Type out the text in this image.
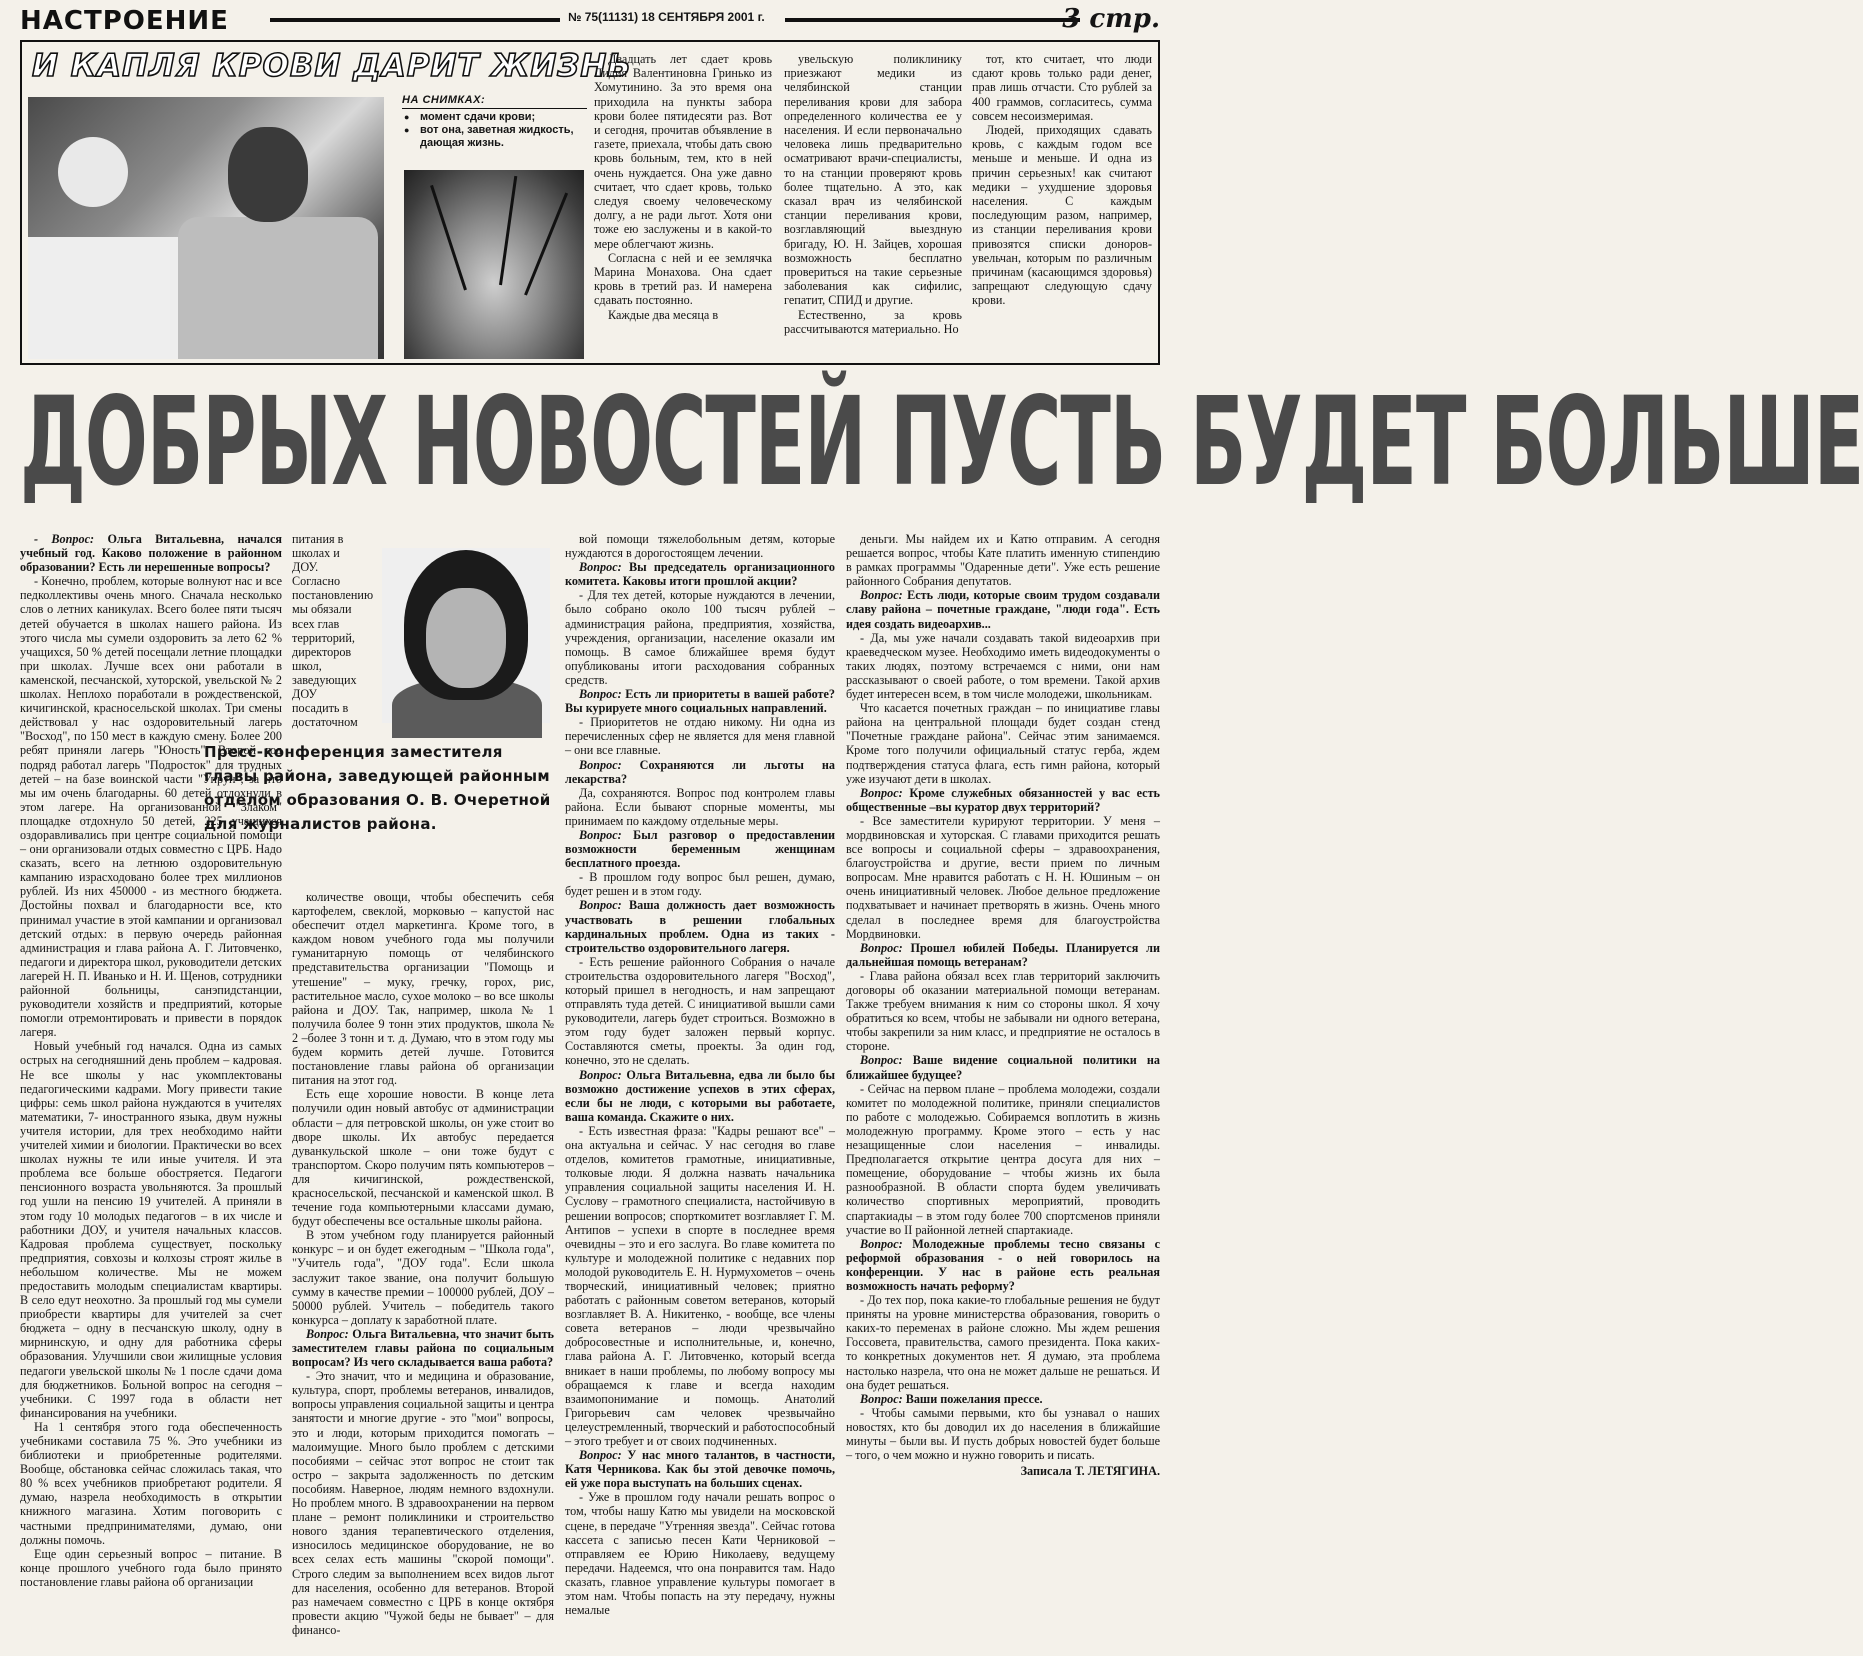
НАСТРОЕНИЕ	№ 75(11131) 18 СЕНТЯБРЯ 2001 г.	3 стр.
И КАПЛЯ КРОВИ ДАРИТ ЖИЗНЬ
НА СНИМКАХ:
● момент сдачи крови;
● вот она, заветная жидкость, дающая жизнь.

Двадцать лет сдает кровь Лидия Валентиновна Гринько из Хомутинино. За это время она приходила на пункты забора крови более пятидесяти раз. Вот и сегодня, прочитав объявление в газете, приехала, чтобы дать свою кровь больным, тем, кто в ней очень нуждается. Она уже давно считает, что сдает кровь, только следуя своему человеческому долгу, а не ради льгот. Хотя они тоже ею заслужены и в какой-то мере облегчают жизнь.

Согласна с ней и ее землячка Марина Монахова. Она сдает кровь в третий раз. И намерена сдавать постоянно.

Каждые два месяца в

увельскую поликлинику приезжают медики из челябинской станции переливания крови для забора определенного количества ее у населения. И если первоначально человека лишь предварительно осматривают врачи-специалисты, то на станции проверяют кровь более тщательно. А это, как сказал врач из челябинской станции переливания крови, возглавляющий выездную бригаду, Ю. Н. Зайцев, хорошая возможность бесплатно провериться на такие серьезные заболевания как сифилис, гепатит, СПИД и другие.

Естественно, за кровь рассчитываются материально. Но

тот, кто считает, что люди сдают кровь только ради денег, прав лишь отчасти. Сто рублей за 400 граммов, согласитесь, сумма совсем несоизмеримая.

Людей, приходящих сдавать кровь, с каждым годом все меньше и меньше. И одна из причин серьезных! как считают медики – ухудшение здоровья населения. С каждым последующим разом, например, из станции переливания крови привозятся списки доноров-увельчан, которым по различным причинам (касающимся здоровья) запрещают следующую сдачу крови.

ДОБРЫХ НОВОСТЕЙ ПУСТЬ БУДЕТ БОЛЬШЕ

- Вопрос: Ольга Витальевна, начался учебный год. Каково положение в районном образовании? Есть ли нерешенные вопросы?

- Конечно, проблем, которые волнуют нас и все педколлективы очень много. Сначала несколько слов о летних каникулах. Всего более пяти тысяч детей обучается в школах нашего района. Из этого числа мы сумели оздоровить за лето 62 % учащихся, 50 % детей посещали летние площадки при школах. Лучше всех они работали в каменской, песчанской, хуторской, увельской № 2 школах. Неплохо поработали в рождественской, кичигинской, красносельской школах. Три смены действовал у нас оздоровительный лагерь "Восход", по 150 мест в каждую смену. Более 200 ребят приняли лагерь "Юность". Второй год подряд работал лагерь "Подросток" для трудных детей – на базе воинской части "Упрун", за что мы им очень благодарны. 60 детей отдохнули в этом лагере. На организованной "Злаком" площадке отдохнуло 50 детей, 225 учащихся оздоравливались при центре социальной помощи – они организовали отдых совместно с ЦРБ. Надо сказать, всего на летнюю оздоровительную кампанию израсходовано более трех миллионов рублей. Из них 450000 - из местного бюджета. Достойны похвал и благодарности все, кто принимал участие в этой кампании и организовал детский отдых: в первую очередь районная администрация и глава района А. Г. Литовченко, педагоги и директора школ, руководители детских лагерей Н. П. Иванько и Н. И. Щенов, сотрудники районной больницы, санэпидстанции, руководители хозяйств и предприятий, которые помогли отремонтировать и привести в порядок лагеря.

Новый учебный год начался. Одна из самых острых на сегодняшний день проблем – кадровая. Не все школы у нас укомплектованы педагогическими кадрами. Могу привести такие цифры: семь школ района нуждаются в учителях математики, 7- иностранного языка, двум нужны учителя истории, для трех необходимо найти учителей химии и биологии. Практически во всех школах нужны те или иные учителя. И эта проблема все больше обостряется. Педагоги пенсионного возраста увольняются. За прошлый год ушли на пенсию 19 учителей. А приняли в этом году 10 молодых педагогов – в их числе и работники ДОУ, и учителя начальных классов. Кадровая проблема существует, поскольку предприятия, совхозы и колхозы строят жилье в небольшом количестве. Мы не можем предоставить молодым специалистам квартиры. В село едут неохотно. За прошлый год мы сумели приобрести квартиры для учителей за счет бюджета – одну в песчанскую школу, одну в мирнинскую, и одну для работника сферы образования. Улучшили свои жилищные условия педагоги увельской школы № 1 после сдачи дома для бюджетников. Больной вопрос на сегодня – учебники. С 1997 года в области нет финансирования на учебники.

На 1 сентября этого года обеспеченность учебниками составила 75 %. Это учебники из библиотеки и приобретенные родителями. Вообще, обстановка сейчас сложилась такая, что 80 % всех учебников приобретают родители. Я думаю, назрела необходимость в открытии книжного магазина. Хотим поговорить с частными предпринимателями, думаю, они должны помочь.

Еще один серьезный вопрос – питание. В конце прошлого учебного года было принято постановление главы района об организации

питания в школах и ДОУ. Согласно постановлению мы обязали всех глав территорий, директоров школ, заведующих ДОУ посадить в достаточном

Пресс-конференция заместителя главы района, заведующей районным отделом образования О. В. Очеретной для журналистов района.

количестве овощи, чтобы обеспечить себя картофелем, свеклой, морковью – капустой нас обеспечит отдел маркетинга. Кроме того, в каждом новом учебного года мы получили гуманитарную помощь от челябинского представительства организации "Помощь и утешение" – муку, гречку, горох, рис, растительное масло, сухое молоко – во все школы района и ДОУ. Так, например, школа № 1 получила более 9 тонн этих продуктов, школа № 2 –более 3 тонн и т. д. Думаю, что в этом году мы будем кормить детей лучше. Готовится постановление главы района об организации питания на этот год.

Есть еще хорошие новости. В конце лета получили один новый автобус от администрации области – для петровской школы, он уже стоит во дворе школы. Их автобус передается дуванкульской школе – они тоже будут с транспортом. Скоро получим пять компьютеров – для кичигинской, рождественской, красносельской, песчанской и каменской школ. В течение года компьютерными классами думаю, будут обеспечены все остальные школы района.

В этом учебном году планируется районный конкурс – и он будет ежегодным – "Школа года", "Учитель года", "ДОУ года". Если школа заслужит такое звание, она получит большую сумму в качестве премии – 100000 рублей, ДОУ – 50000 рублей. Учитель – победитель такого конкурса – доплату к заработной плате.

Вопрос: Ольга Витальевна, что значит быть заместителем главы района по социальным вопросам? Из чего складывается ваша работа?

- Это значит, что и медицина и образование, культура, спорт, проблемы ветеранов, инвалидов, вопросы управления социальной защиты и центра занятости и многие другие - это "мои" вопросы, это и люди, которым приходится помогать – малоимущие. Много было проблем с детскими пособиями – сейчас этот вопрос не стоит так остро – закрыта задолженность по детским пособиям. Наверное, людям немного вздохнули. Но проблем много. В здравоохранении на первом плане – ремонт поликлиники и строительство нового здания терапевтического отделения, износилось медицинское оборудование, не во всех селах есть машины "скорой помощи". Строго следим за выполнением всех видов льгот для населения, особенно для ветеранов. Второй раз намечаем совместно с ЦРБ в конце октября провести акцию "Чужой беды не бывает" – для финансо-

вой помощи тяжелобольным детям, которые нуждаются в дорогостоящем лечении.

Вопрос: Вы председатель организационного комитета. Каковы итоги прошлой акции?

- Для тех детей, которые нуждаются в лечении, было собрано около 100 тысяч рублей – администрация района, предприятия, хозяйства, учреждения, организации, население оказали им помощь. В самое ближайшее время будут опубликованы итоги расходования собранных средств.

Вопрос: Есть ли приоритеты в вашей работе? Вы курируете много социальных направлений.

- Приоритетов не отдаю никому. Ни одна из перечисленных сфер не является для меня главной – они все главные.

Вопрос: Сохраняются ли льготы на лекарства?

Да, сохраняются. Вопрос под контролем главы района. Если бывают спорные моменты, мы принимаем по каждому отдельные меры.

Вопрос: Был разговор о предоставлении возможности беременным женщинам бесплатного проезда.

- В прошлом году вопрос был решен, думаю, будет решен и в этом году.

Вопрос: Ваша должность дает возможность участвовать в решении глобальных кардинальных проблем. Одна из таких - строительство оздоровительного лагеря.

- Есть решение районного Собрания о начале строительства оздоровительного лагеря "Восход", который пришел в негодность, и нам запрещают отправлять туда детей. С инициативой вышли сами руководители, лагерь будет строиться. Возможно в этом году будет заложен первый корпус. Составляются сметы, проекты. За один год, конечно, это не сделать.

Вопрос: Ольга Витальевна, едва ли было бы возможно достижение успехов в этих сферах, если бы не люди, с которыми вы работаете, ваша команда. Скажите о них.

- Есть известная фраза: "Кадры решают все" – она актуальна и сейчас. У нас сегодня во главе отделов, комитетов грамотные, инициативные, толковые люди. Я должна назвать начальника управления социальной защиты населения И. Н. Суслову – грамотного специалиста, настойчивую в решении вопросов; спорткомитет возглавляет Г. М. Антипов – успехи в спорте в последнее время очевидны – это и его заслуга. Во главе комитета по культуре и молодежной политике с недавних пор молодой руководитель Е. Н. Нурмухометов – очень творческий, инициативный человек; приятно работать с районным советом ветеранов, который возглавляет В. А. Никитенко, - вообще, все члены совета ветеранов – люди чрезвычайно добросовестные и исполнительные, и, конечно, глава района А. Г. Литовченко, который всегда вникает в наши проблемы, по любому вопросу мы обращаемся к главе и всегда находим взаимопонимание и помощь. Анатолий Григорьевич сам человек чрезвычайно целеустремленный, творческий и работоспособный – этого требует и от своих подчиненных.

Вопрос: У нас много талантов, в частности, Катя Черникова. Как бы этой девочке помочь, ей уже пора выступать на больших сценах.

- Уже в прошлом году начали решать вопрос о том, чтобы нашу Катю мы увидели на московской сцене, в передаче "Утренняя звезда". Сейчас готова кассета с записью песен Кати Черниковой – отправляем ее Юрию Николаеву, ведущему передачи. Надеемся, что она понравится там. Надо сказать, главное управление культуры помогает в этом нам. Чтобы попасть на эту передачу, нужны немалые

деньги. Мы найдем их и Катю отправим. А сегодня решается вопрос, чтобы Кате платить именную стипендию в рамках программы "Одаренные дети". Уже есть решение районного Собрания депутатов.

Вопрос: Есть люди, которые своим трудом создавали славу района – почетные граждане, "люди года". Есть идея создать видеоархив...

- Да, мы уже начали создавать такой видеоархив при краеведческом музее. Необходимо иметь видеодокументы о таких людях, поэтому встречаемся с ними, они нам рассказывают о своей работе, о том времени. Такой архив будет интересен всем, в том числе молодежи, школьникам.

Что касается почетных граждан – по инициативе главы района на центральной площади будет создан стенд "Почетные граждане района". Сейчас этим занимаемся. Кроме того получили официальный статус герба, ждем подтверждения статуса флага, есть гимн района, который уже изучают дети в школах.

Вопрос: Кроме служебных обязанностей у вас есть общественные –вы куратор двух территорий?

- Все заместители курируют территории. У меня – мордвиновская и хуторская. С главами приходится решать все вопросы и социальной сферы – здравоохранения, благоустройства и другие, вести прием по личным вопросам. Мне нравится работать с Н. Н. Юшиным – он очень инициативный человек. Любое дельное предложение подхватывает и начинает претворять в жизнь. Очень много сделал в последнее время для благоустройства Мордвиновки.

Вопрос: Прошел юбилей Победы. Планируется ли дальнейшая помощь ветеранам?

- Глава района обязал всех глав территорий заключить договоры об оказании материальной помощи ветеранам. Также требуем внимания к ним со стороны школ. Я хочу обратиться ко всем, чтобы не забывали ни одного ветерана, чтобы закрепили за ним класс, и предприятие не осталось в стороне.

Вопрос: Ваше видение социальной политики на ближайшее будущее?

- Сейчас на первом плане – проблема молодежи, создали комитет по молодежной политике, приняли специалистов по работе с молодежью. Собираемся воплотить в жизнь молодежную программу. Кроме этого – есть у нас незащищенные слои населения – инвалиды. Предполагается открытие центра досуга для них – помещение, оборудование – чтобы жизнь их была разнообразной. В области спорта будем увеличивать количество спортивных мероприятий, проводить спартакиады – в этом году более 700 спортсменов приняли участие во II районной летней спартакиаде.

Вопрос: Молодежные проблемы тесно связаны с реформой образования - о ней говорилось на конференции. У нас в районе есть реальная возможность начать реформу?

- До тех пор, пока какие-то глобальные решения не будут приняты на уровне министерства образования, говорить о каких-то переменах в районе сложно. Мы ждем решения Госсовета, правительства, самого президента. Пока каких-то конкретных документов нет. Я думаю, эта проблема настолько назрела, что она не может дальше не решаться. И она будет решаться.

Вопрос: Ваши пожелания прессе.

- Чтобы самыми первыми, кто бы узнавал о наших новостях, кто бы доводил их до населения в ближайшие минуты – были вы. И пусть добрых новостей будет больше – того, о чем можно и нужно говорить и писать.

Записала Т. ЛЕТЯГИНА.
